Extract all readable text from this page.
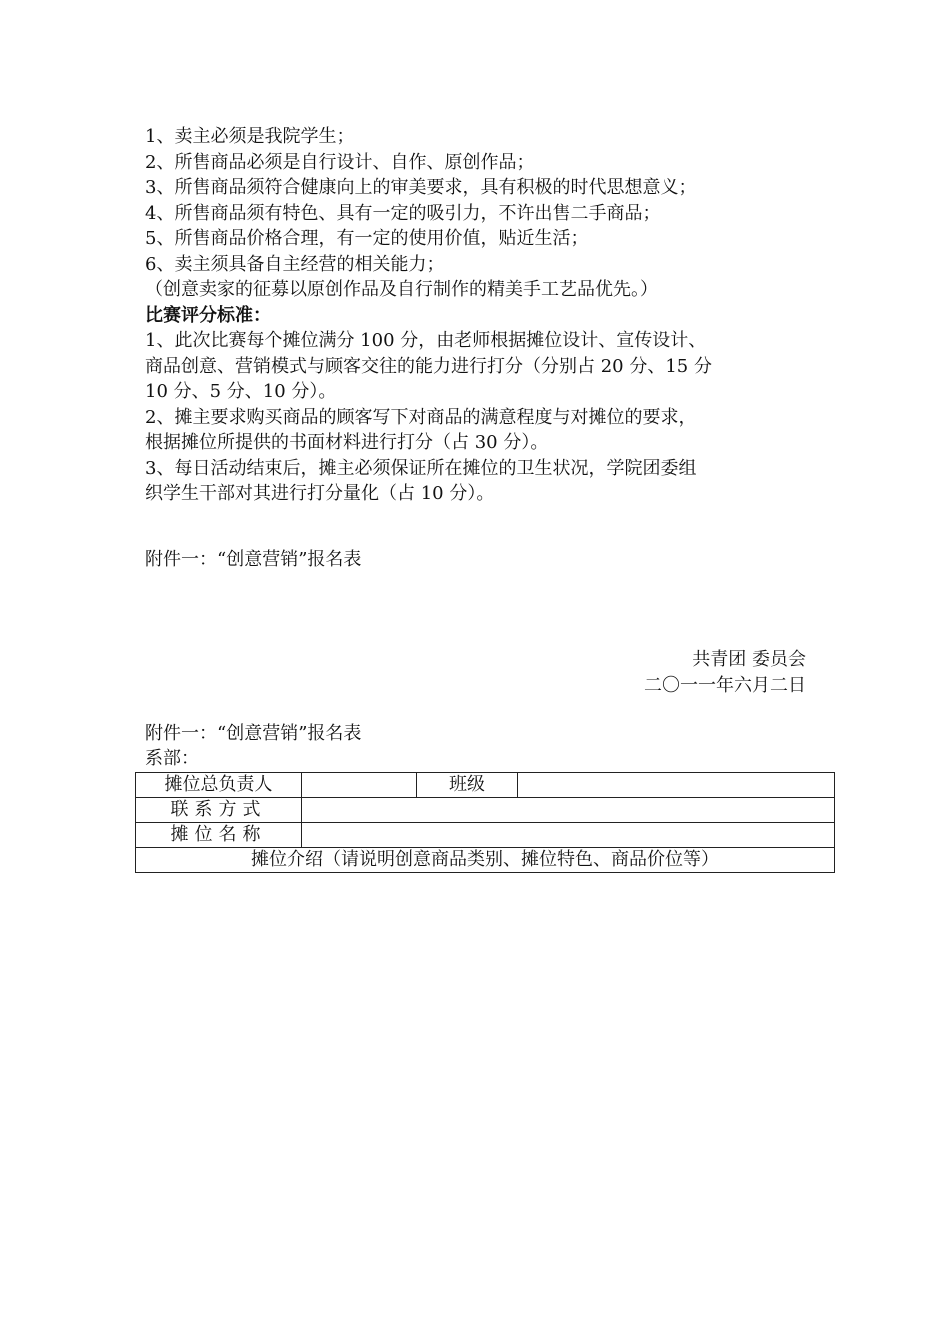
1、卖主必须是我院学生；
2、所售商品必须是自行设计、自作、原创作品；
3、所售商品须符合健康向上的审美要求，具有积极的时代思想意义；
4、所售商品须有特色、具有一定的吸引力，不许出售二手商品；
5、所售商品价格合理，有一定的使用价值，贴近生活；
6、卖主须具备自主经营的相关能力；
（创意卖家的征募以原创作品及自行制作的精美手工艺品优先。）
比赛评分标准：
1、此次比赛每个摊位满分 100 分，由老师根据摊位设计、宣传设计、
商品创意、营销模式与顾客交往的能力进行打分（分别占 20 分、15 分
10 分、5 分、10 分）。
2、摊主要求购买商品的顾客写下对商品的满意程度与对摊位的要求，
根据摊位所提供的书面材料进行打分（占 30 分）。
3、每日活动结束后，摊主必须保证所在摊位的卫生状况，学院团委组
织学生干部对其进行打分量化（占 10 分）。
附件一：“创意营销”报名表
共青团 委员会
二〇一一年六月二日
附件一：“创意营销”报名表
系部：
摊位总负责人		班级	
联系方式			
摊位名称			
摊位介绍（请说明创意商品类别、摊位特色、商品价位等）			
